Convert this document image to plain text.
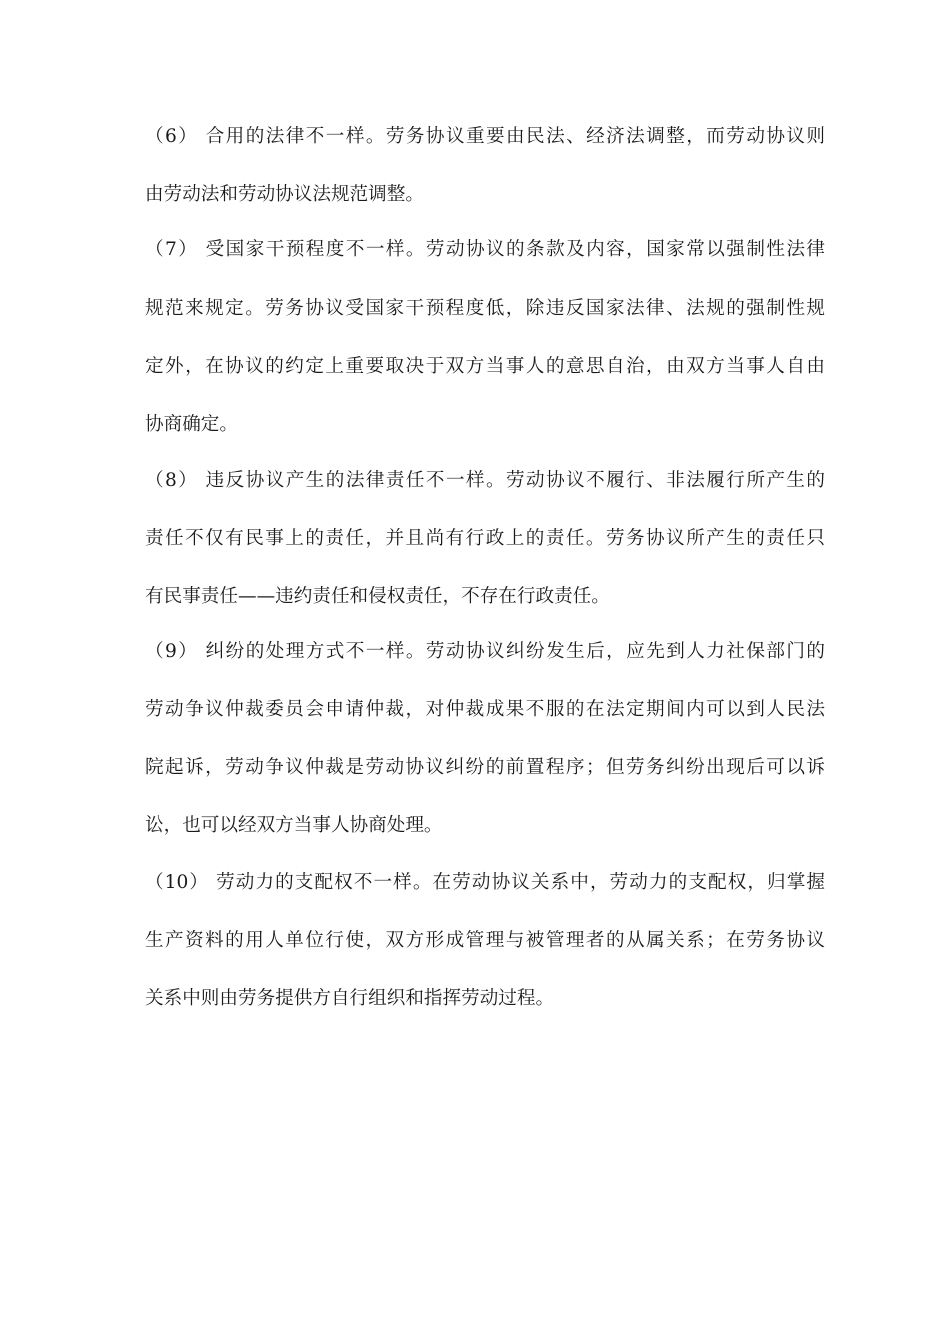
（6） 合用的法律不一样。劳务协议重要由民法、经济法调整，而劳动协议则
由劳动法和劳动协议法规范调整。
（7） 受国家干预程度不一样。劳动协议的条款及内容，国家常以强制性法律
规范来规定。劳务协议受国家干预程度低，除违反国家法律、法规的强制性规
定外，在协议的约定上重要取决于双方当事人的意思自治，由双方当事人自由
协商确定。
（8） 违反协议产生的法律责任不一样。劳动协议不履行、非法履行所产生的
责任不仅有民事上的责任，并且尚有行政上的责任。劳务协议所产生的责任只
有民事责任——违约责任和侵权责任，不存在行政责任。
（9） 纠纷的处理方式不一样。劳动协议纠纷发生后，应先到人力社保部门的
劳动争议仲裁委员会申请仲裁，对仲裁成果不服的在法定期间内可以到人民法
院起诉，劳动争议仲裁是劳动协议纠纷的前置程序；但劳务纠纷出现后可以诉
讼，也可以经双方当事人协商处理。
（10） 劳动力的支配权不一样。在劳动协议关系中，劳动力的支配权，归掌握
生产资料的用人单位行使，双方形成管理与被管理者的从属关系；在劳务协议
关系中则由劳务提供方自行组织和指挥劳动过程。
